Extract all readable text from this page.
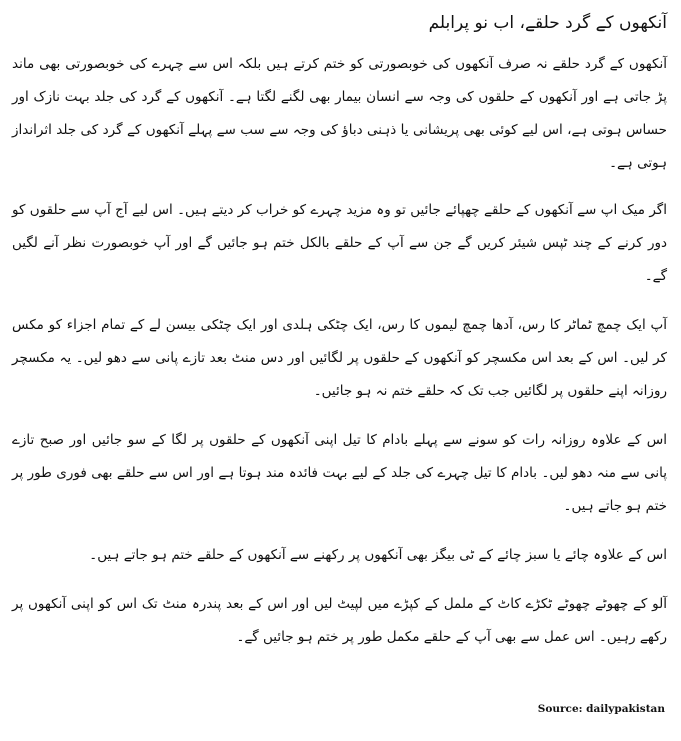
آنکھوں کے گرد حلقے، اب نو پرابلم

آنکھوں کے گرد حلقے نہ صرف آنکھوں کی خوبصورتی کو ختم کرتے ہیں بلکہ اس سے چہرے کی خوبصورتی بھی ماند پڑ جاتی ہے اور آنکھوں کے حلقوں کی وجہ سے انسان بیمار بھی لگنے لگتا ہے۔ آنکھوں کے گرد کی جلد بہت نازک اور حساس ہوتی ہے، اس لیے کوئی بھی پریشانی یا ذہنی دباؤ کی وجہ سے سب سے پہلے آنکھوں کے گرد کی جلد اثرانداز ہوتی ہے۔

اگر میک اپ سے آنکھوں کے حلقے چھپائے جائیں تو وہ مزید چہرے کو خراب کر دیتے ہیں۔ اس لیے آج آپ سے حلقوں کو دور کرنے کے چند ٹپس شیئر کریں گے جن سے آپ کے حلقے بالکل ختم ہو جائیں گے اور آپ خوبصورت نظر آنے لگیں گے۔

آپ ایک چمچ ٹماٹر کا رس، آدھا چمچ لیموں کا رس، ایک چٹکی ہلدی اور ایک چٹکی بیسن لے کے تمام اجزاء کو مکس کر لیں۔ اس کے بعد اس مکسچر کو آنکھوں کے حلقوں پر لگائیں اور دس منٹ بعد تازے پانی سے دھو لیں۔ یہ مکسچر روزانہ اپنے حلقوں پر لگائیں جب تک کہ حلقے ختم نہ ہو جائیں۔

اس کے علاوہ روزانہ رات کو سونے سے پہلے بادام کا تیل اپنی آنکھوں کے حلقوں پر لگا کے سو جائیں اور صبح تازے پانی سے منہ دھو لیں۔ بادام کا تیل چہرے کی جلد کے لیے بہت فائدہ مند ہوتا ہے اور اس سے حلقے بھی فوری طور پر ختم ہو جاتے ہیں۔

اس کے علاوہ چائے یا سبز چائے کے ٹی بیگز بھی آنکھوں پر رکھنے سے آنکھوں کے حلقے ختم ہو جاتے ہیں۔

آلو کے چھوٹے چھوٹے ٹکڑے کاٹ کے ململ کے کپڑے میں لپیٹ لیں اور اس کے بعد پندرہ منٹ تک اس کو اپنی آنکھوں پر رکھے رہیں۔ اس عمل سے بھی آپ کے حلقے مکمل طور پر ختم ہو جائیں گے۔

Source: dailypakistan
